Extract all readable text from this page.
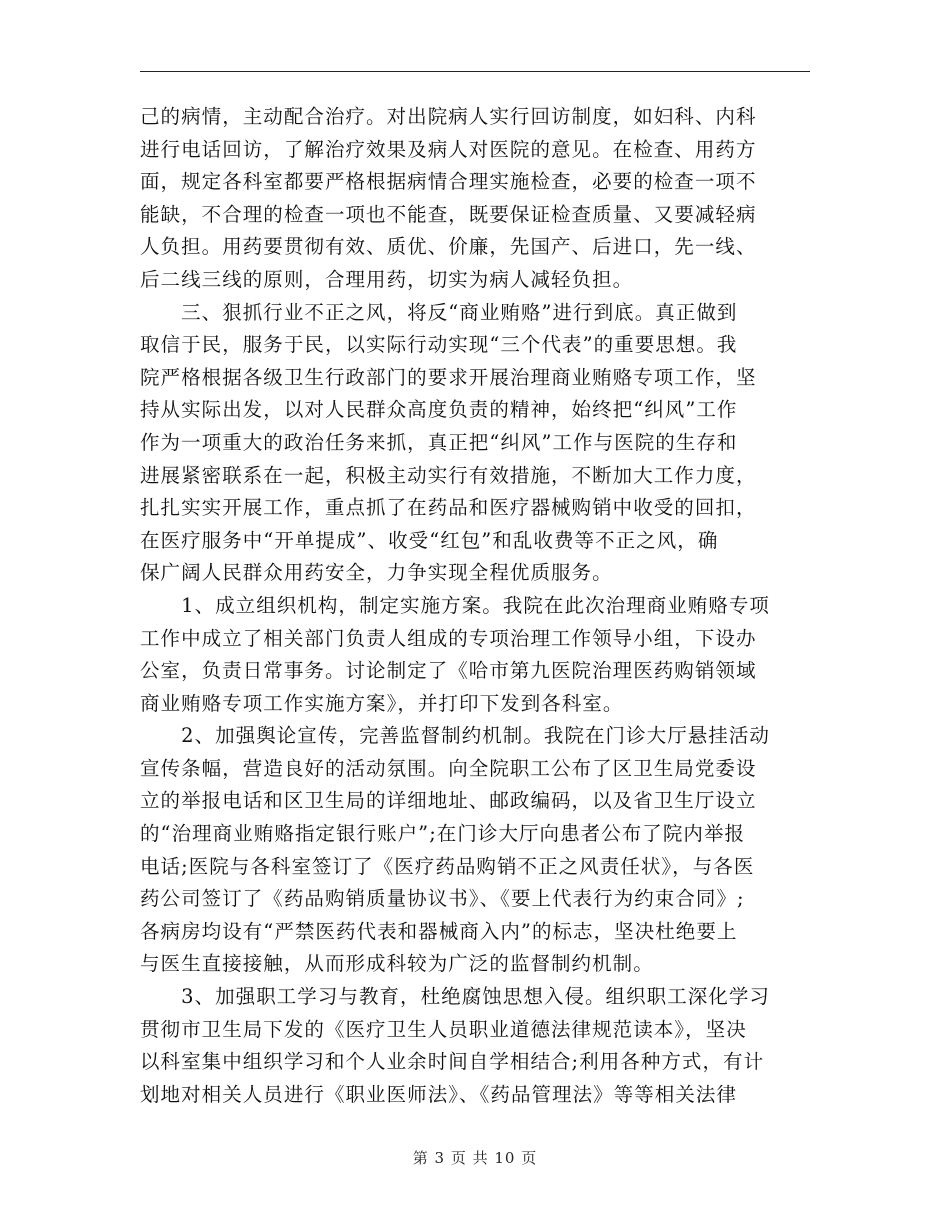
己的病情，主动配合治疗。对出院病人实行回访制度，如妇科、内科
进行电话回访，了解治疗效果及病人对医院的意见。在检查、用药方
面，规定各科室都要严格根据病情合理实施检查，必要的检查一项不
能缺，不合理的检查一项也不能查，既要保证检查质量、又要减轻病
人负担。用药要贯彻有效、质优、价廉，先国产、后进口，先一线、
后二线三线的原则，合理用药，切实为病人减轻负担。
　　三、狠抓行业不正之风，将反“商业贿赂”进行到底。真正做到
取信于民，服务于民，以实际行动实现“三个代表”的重要思想。我
院严格根据各级卫生行政部门的要求开展治理商业贿赂专项工作，坚
持从实际出发，以对人民群众高度负责的精神，始终把“纠风”工作
作为一项重大的政治任务来抓，真正把“纠风”工作与医院的生存和
进展紧密联系在一起，积极主动实行有效措施，不断加大工作力度，
扎扎实实开展工作，重点抓了在药品和医疗器械购销中收受的回扣，
在医疗服务中“开单提成”、收受“红包”和乱收费等不正之风，确
保广阔人民群众用药安全，力争实现全程优质服务。
　　1、成立组织机构，制定实施方案。我院在此次治理商业贿赂专项
工作中成立了相关部门负责人组成的专项治理工作领导小组，下设办
公室，负责日常事务。讨论制定了《哈市第九医院治理医药购销领域
商业贿赂专项工作实施方案》，并打印下发到各科室。
　　2、加强舆论宣传，完善监督制约机制。我院在门诊大厅悬挂活动
宣传条幅，营造良好的活动氛围。向全院职工公布了区卫生局党委设
立的举报电话和区卫生局的详细地址、邮政编码，以及省卫生厅设立
的“治理商业贿赂指定银行账户”;在门诊大厅向患者公布了院内举报
电话;医院与各科室签订了《医疗药品购销不正之风责任状》，与各医
药公司签订了《药品购销质量协议书》、《要上代表行为约束合同》;
各病房均设有“严禁医药代表和器械商入内”的标志，坚决杜绝要上
与医生直接接触，从而形成科较为广泛的监督制约机制。
　　3、加强职工学习与教育，杜绝腐蚀思想入侵。组织职工深化学习
贯彻市卫生局下发的《医疗卫生人员职业道德法律规范读本》，坚决
以科室集中组织学习和个人业余时间自学相结合;利用各种方式，有计
划地对相关人员进行《职业医师法》、《药品管理法》等等相关法律
第 3 页 共 10 页
